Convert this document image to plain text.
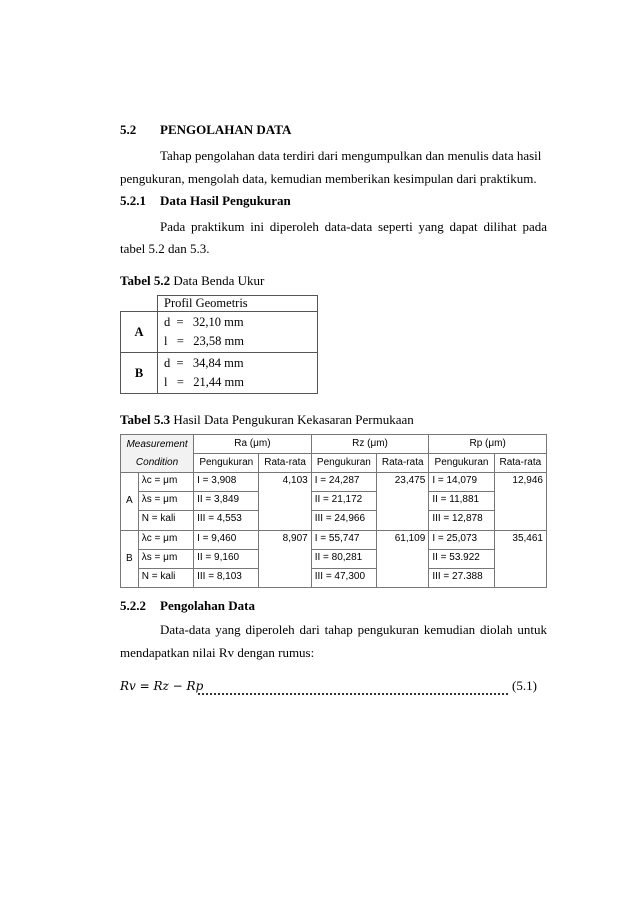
5.2 PENGOLAHAN DATA
Tahap pengolahan data terdiri dari mengumpulkan dan menulis data hasil
pengukuran, mengolah data, kemudian memberikan kesimpulan dari praktikum.
5.2.1 Data Hasil Pengukuran
Pada praktikum ini diperoleh data-data seperti yang dapat dilihat pada
tabel 5.2 dan 5.3.
Tabel 5.2 Data Benda Ukur
	Profil Geometris
A	d  =   32,10 mm
l   =   23,58 mm

B	d  =   34,84 mm
l   =   21,44 mm
Tabel 5.3 Hasil Data Pengukuran Kekasaran Permukaan
Measurement
Condition		Ra (μm)		Rz (μm)		Rp (μm)	
		Pengukuran	Rata-rata	Pengukuran	Rata-rata	Pengukuran	Rata-rata
A	λc = μm	I = 3,908	4,103	I = 24,287	23,475	I = 14,079	12,946
	λs = μm	II = 3,849		II = 21,172		II = 11,881	
	N = kali	III = 4,553		III = 24,966		III = 12,878	
B	λc = μm	I = 9,460	8,907	I = 55,747	61,109	I = 25,073	35,461
	λs = μm	II = 9,160		II = 80,281		II = 53.922	
	N = kali	III = 8,103		III = 47,300		III = 27.388	
5.2.2 Pengolahan Data
Data-data yang diperoleh dari tahap pengukuran kemudian diolah untuk
mendapatkan nilai Rv dengan rumus:
Rv = Rz − Rp	(5.1)
